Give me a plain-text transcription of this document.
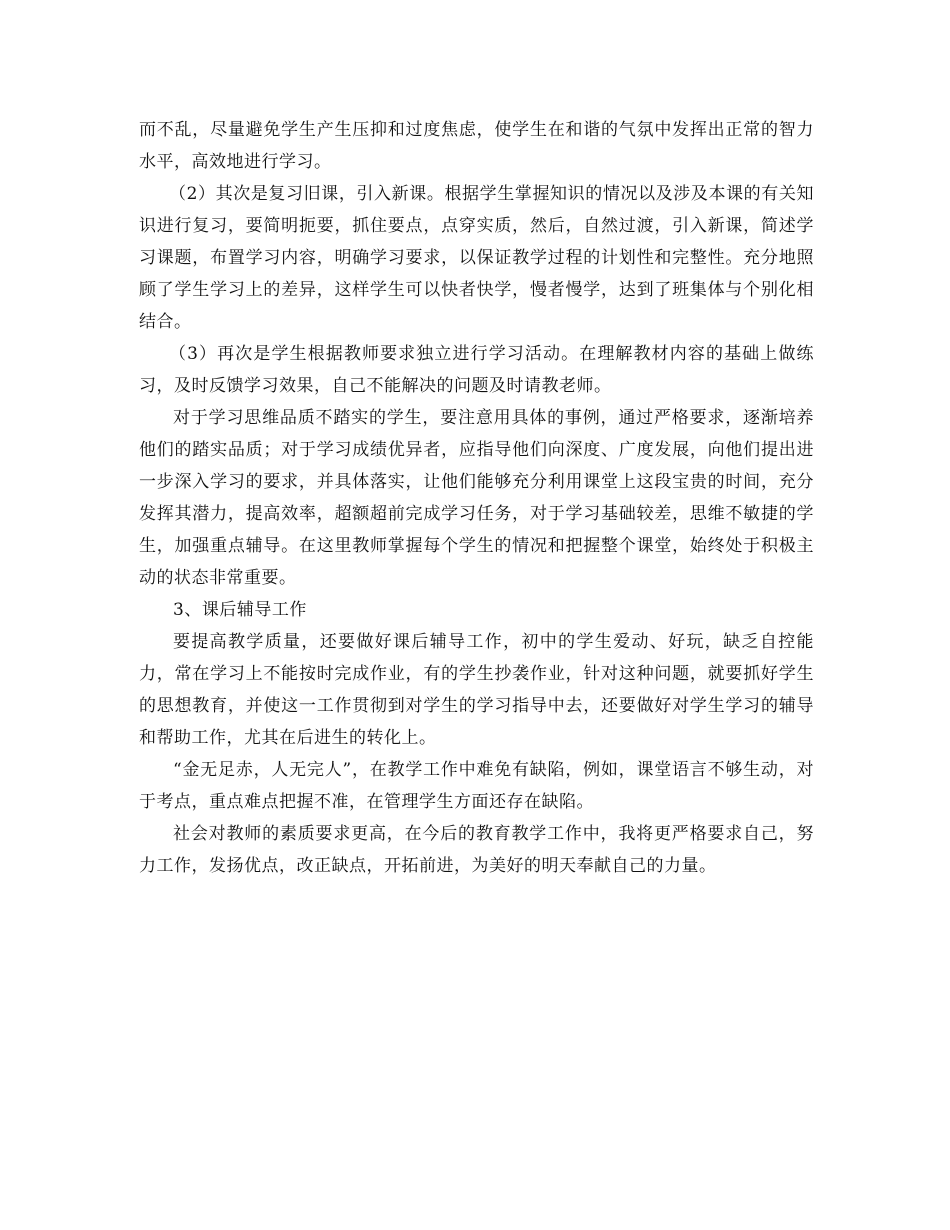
而不乱，尽量避免学生产生压抑和过度焦虑，使学生在和谐的气氛中发挥出正常的智力水平，高效地进行学习。

（2）其次是复习旧课，引入新课。根据学生掌握知识的情况以及涉及本课的有关知识进行复习，要简明扼要，抓住要点，点穿实质，然后，自然过渡，引入新课，简述学习课题，布置学习内容，明确学习要求，以保证教学过程的计划性和完整性。充分地照顾了学生学习上的差异，这样学生可以快者快学，慢者慢学，达到了班集体与个别化相结合。

（3）再次是学生根据教师要求独立进行学习活动。在理解教材内容的基础上做练习，及时反馈学习效果，自己不能解决的问题及时请教老师。

对于学习思维品质不踏实的学生，要注意用具体的事例，通过严格要求，逐渐培养他们的踏实品质；对于学习成绩优异者，应指导他们向深度、广度发展，向他们提出进一步深入学习的要求，并具体落实，让他们能够充分利用课堂上这段宝贵的时间，充分发挥其潜力，提高效率，超额超前完成学习任务，对于学习基础较差，思维不敏捷的学生，加强重点辅导。在这里教师掌握每个学生的情况和把握整个课堂，始终处于积极主动的状态非常重要。

3、课后辅导工作

要提高教学质量，还要做好课后辅导工作，初中的学生爱动、好玩，缺乏自控能力，常在学习上不能按时完成作业，有的学生抄袭作业，针对这种问题，就要抓好学生的思想教育，并使这一工作贯彻到对学生的学习指导中去，还要做好对学生学习的辅导和帮助工作，尤其在后进生的转化上。

“金无足赤，人无完人”，在教学工作中难免有缺陷，例如，课堂语言不够生动，对于考点，重点难点把握不准，在管理学生方面还存在缺陷。

社会对教师的素质要求更高，在今后的教育教学工作中，我将更严格要求自己，努力工作，发扬优点，改正缺点，开拓前进，为美好的明天奉献自己的力量。
